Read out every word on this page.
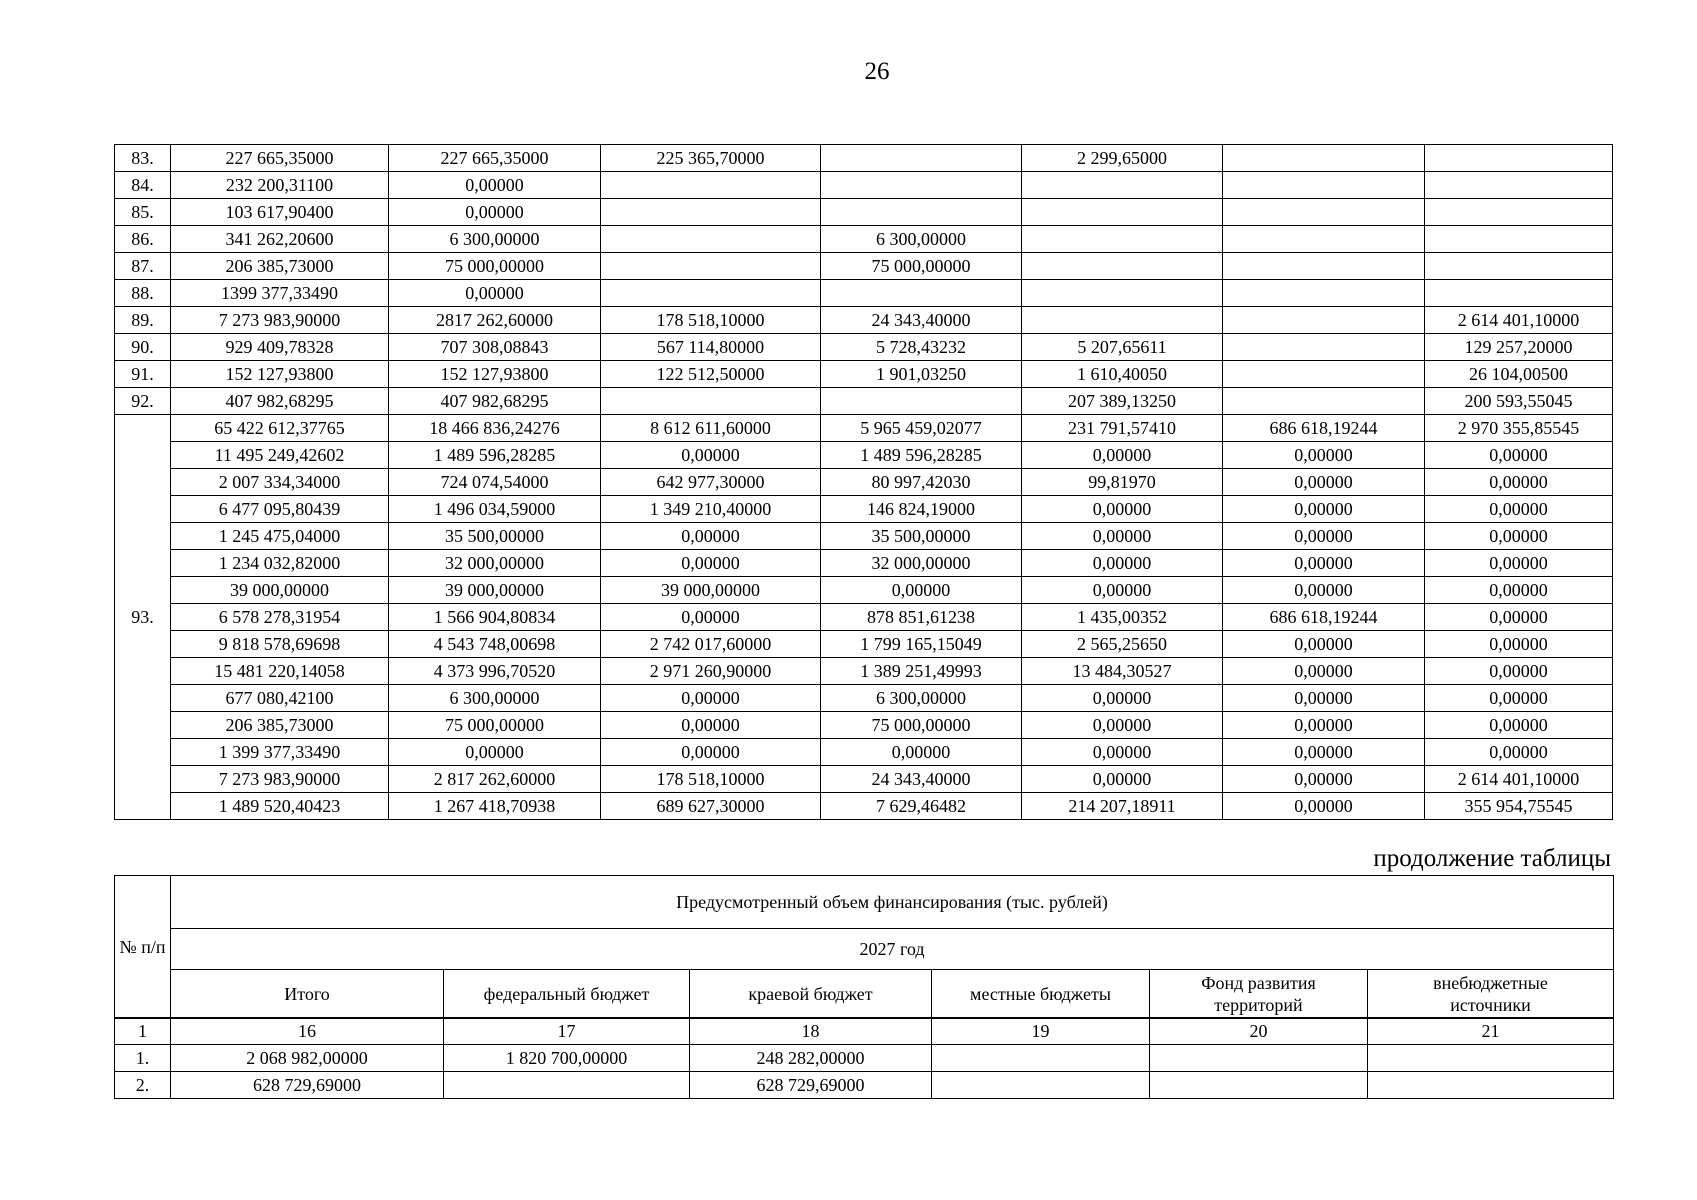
26
83.	227 665,35000	227 665,35000	225 365,70000		2 299,65000		
84.	232 200,31100	0,00000					
85.	103 617,90400	0,00000					
86.	341 262,20600	6 300,00000		6 300,00000			
87.	206 385,73000	75 000,00000		75 000,00000			
88.	1399 377,33490	0,00000					
89.	7 273 983,90000	2817 262,60000	178 518,10000	24 343,40000			2 614 401,10000
90.	929 409,78328	707 308,08843	567 114,80000	5 728,43232	5 207,65611		129 257,20000
91.	152 127,93800	152 127,93800	122 512,50000	1 901,03250	1 610,40050		26 104,00500
92.	407 982,68295	407 982,68295			207 389,13250		200 593,55045
93.	65 422 612,37765	18 466 836,24276	8 612 611,60000	5 965 459,02077	231 791,57410	686 618,19244	2 970 355,85545
	11 495 249,42602	1 489 596,28285	0,00000	1 489 596,28285	0,00000	0,00000	0,00000
	2 007 334,34000	724 074,54000	642 977,30000	80 997,42030	99,81970	0,00000	0,00000
	6 477 095,80439	1 496 034,59000	1 349 210,40000	146 824,19000	0,00000	0,00000	0,00000
	1 245 475,04000	35 500,00000	0,00000	35 500,00000	0,00000	0,00000	0,00000
	1 234 032,82000	32 000,00000	0,00000	32 000,00000	0,00000	0,00000	0,00000
	39 000,00000	39 000,00000	39 000,00000	0,00000	0,00000	0,00000	0,00000
	6 578 278,31954	1 566 904,80834	0,00000	878 851,61238	1 435,00352	686 618,19244	0,00000
	9 818 578,69698	4 543 748,00698	2 742 017,60000	1 799 165,15049	2 565,25650	0,00000	0,00000
	15 481 220,14058	4 373 996,70520	2 971 260,90000	1 389 251,49993	13 484,30527	0,00000	0,00000
	677 080,42100	6 300,00000	0,00000	6 300,00000	0,00000	0,00000	0,00000
	206 385,73000	75 000,00000	0,00000	75 000,00000	0,00000	0,00000	0,00000
	1 399 377,33490	0,00000	0,00000	0,00000	0,00000	0,00000	0,00000
	7 273 983,90000	2 817 262,60000	178 518,10000	24 343,40000	0,00000	0,00000	2 614 401,10000
	1 489 520,40423	1 267 418,70938	689 627,30000	7 629,46482	214 207,18911	0,00000	355 954,75545
продолжение таблицы
№ п/п	Предусмотренный объем финансирования (тыс. рублей)					
	2027 год					
	Итого	федеральный бюджет	краевой бюджет	местные бюджеты	Фонд развития территорий	внебюджетные источники
1	16	17	18	19	20	21
1.	2 068 982,00000	1 820 700,00000	248 282,00000			
2.	628 729,69000		628 729,69000			
